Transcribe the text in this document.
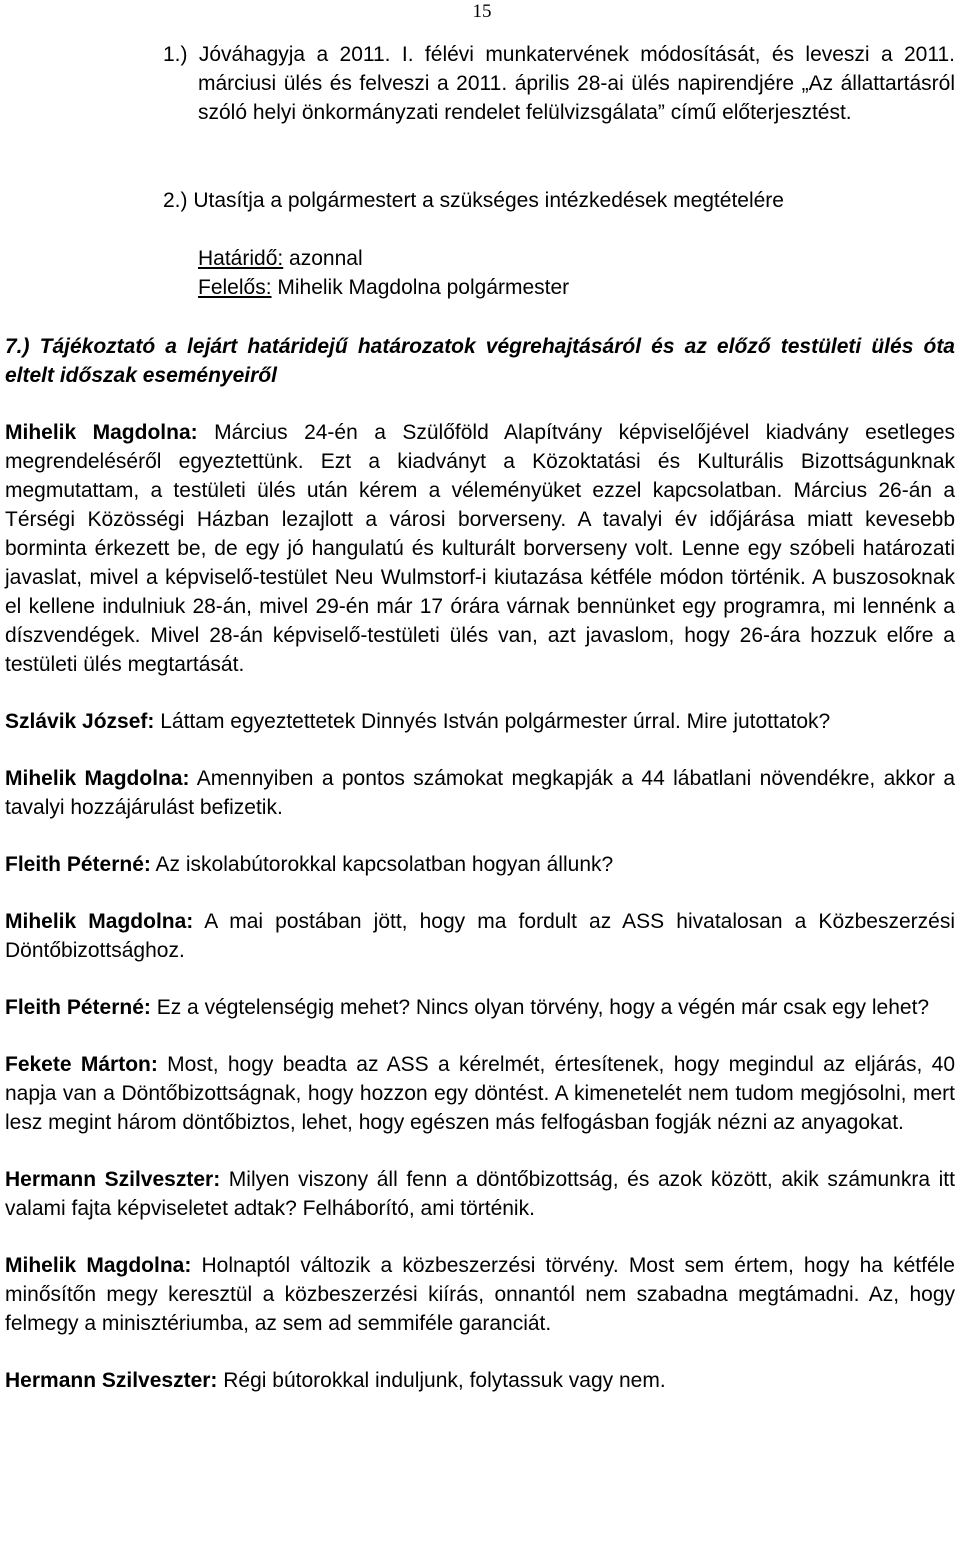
15
1.) Jóváhagyja a 2011. I. félévi munkatervének módosítását, és leveszi a 2011. márciusi ülés és felveszi a 2011. április 28-ai ülés napirendjére „Az állattartásról szóló helyi önkormányzati rendelet felülvizsgálata” című előterjesztést.
2.) Utasítja a polgármestert a szükséges intézkedések megtételére
Határidő: azonnal
Felelős: Mihelik Magdolna polgármester
7.) Tájékoztató a lejárt határidejű határozatok végrehajtásáról és az előző testületi ülés óta eltelt időszak eseményeiről

Mihelik Magdolna: Március 24-én a Szülőföld Alapítvány képviselőjével kiadvány esetleges megrendeléséről egyeztettünk. Ezt a kiadványt a Közoktatási és Kulturális Bizottságunknak megmutattam, a testületi ülés után kérem a véleményüket ezzel kapcsolatban. Március 26-án a Térségi Közösségi Házban lezajlott a városi borverseny. A tavalyi év időjárása miatt kevesebb borminta érkezett be, de egy jó hangulatú és kulturált borverseny volt. Lenne egy szóbeli határozati javaslat, mivel a képviselő-testület Neu Wulmstorf-i kiutazása kétféle módon történik. A buszosoknak el kellene indulniuk 28-án, mivel 29-én már 17 órára várnak bennünket egy programra, mi lennénk a díszvendégek. Mivel 28-án képviselő-testületi ülés van, azt javaslom, hogy 26-ára hozzuk előre a testületi ülés megtartását.

Szlávik József: Láttam egyeztettetek Dinnyés István polgármester úrral. Mire jutottatok?

Mihelik Magdolna: Amennyiben a pontos számokat megkapják a 44 lábatlani növendékre, akkor a tavalyi hozzájárulást befizetik.

Fleith Péterné: Az iskolabútorokkal kapcsolatban hogyan állunk?

Mihelik Magdolna: A mai postában jött, hogy ma fordult az ASS hivatalosan a Közbeszerzési Döntőbizottsághoz.

Fleith Péterné: Ez a végtelenségig mehet? Nincs olyan törvény, hogy a végén már csak egy lehet?

Fekete Márton: Most, hogy beadta az ASS a kérelmét, értesítenek, hogy megindul az eljárás, 40 napja van a Döntőbizottságnak, hogy hozzon egy döntést. A kimenetelét nem tudom megjósolni, mert lesz megint három döntőbiztos, lehet, hogy egészen más felfogásban fogják nézni az anyagokat.

Hermann Szilveszter: Milyen viszony áll fenn a döntőbizottság, és azok között, akik számunkra itt valami fajta képviseletet adtak? Felháborító, ami történik.

Mihelik Magdolna: Holnaptól változik a közbeszerzési törvény. Most sem értem, hogy ha kétféle minősítőn megy keresztül a közbeszerzési kiírás, onnantól nem szabadna megtámadni. Az, hogy felmegy a minisztériumba, az sem ad semmiféle garanciát.

Hermann Szilveszter: Régi bútorokkal induljunk, folytassuk vagy nem.
